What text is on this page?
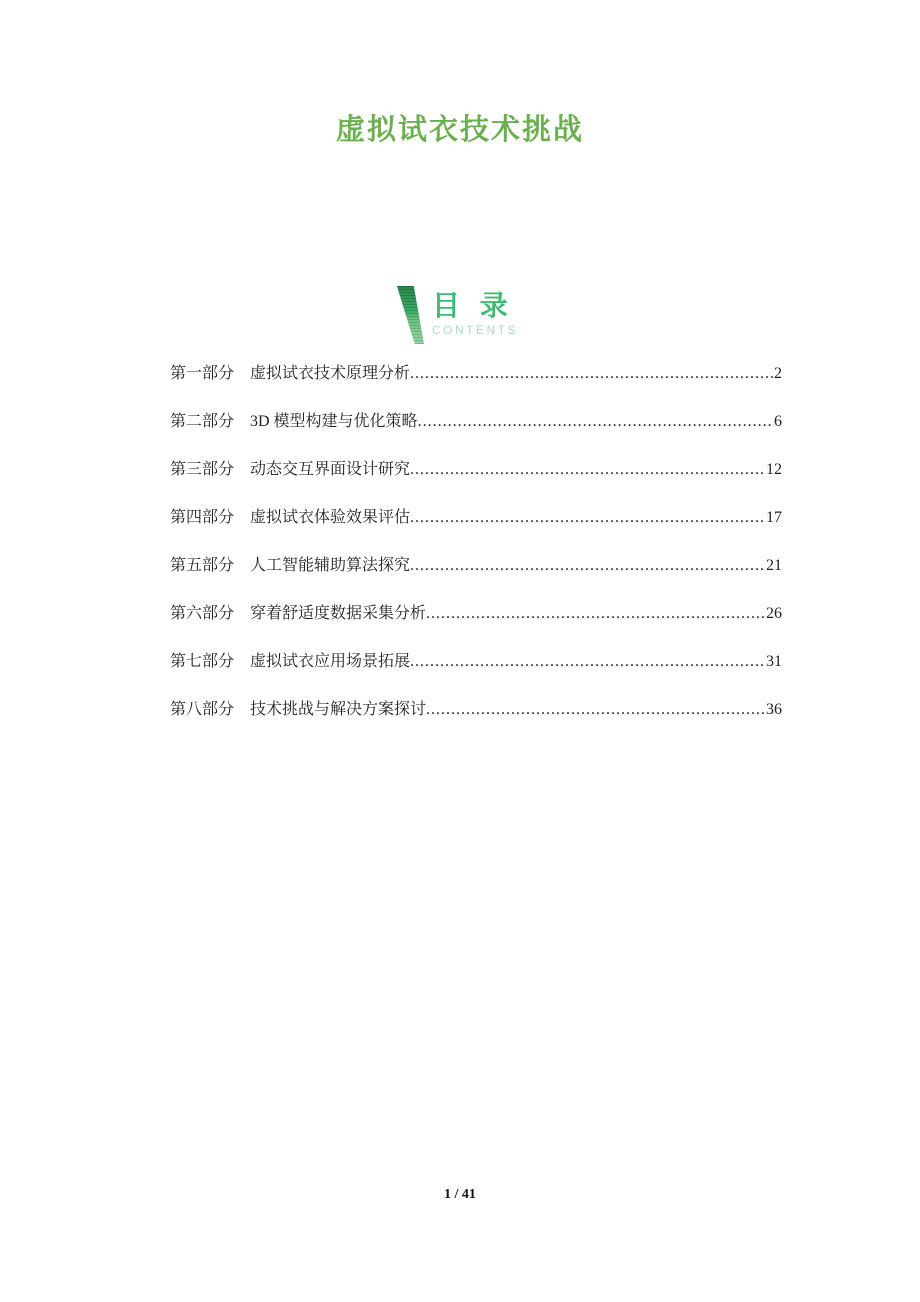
虚拟试衣技术挑战
目 录
CONTENTS
第一部分 虚拟试衣技术原理分析 .....	2
第二部分 3D 模型构建与优化策略 .....	6
第三部分 动态交互界面设计研究 .....	12
第四部分 虚拟试衣体验效果评估 .....	17
第五部分 人工智能辅助算法探究 .....	21
第六部分 穿着舒适度数据采集分析 .....	26
第七部分 虚拟试衣应用场景拓展 .....	31
第八部分 技术挑战与解决方案探讨 .....	36
1 / 41
